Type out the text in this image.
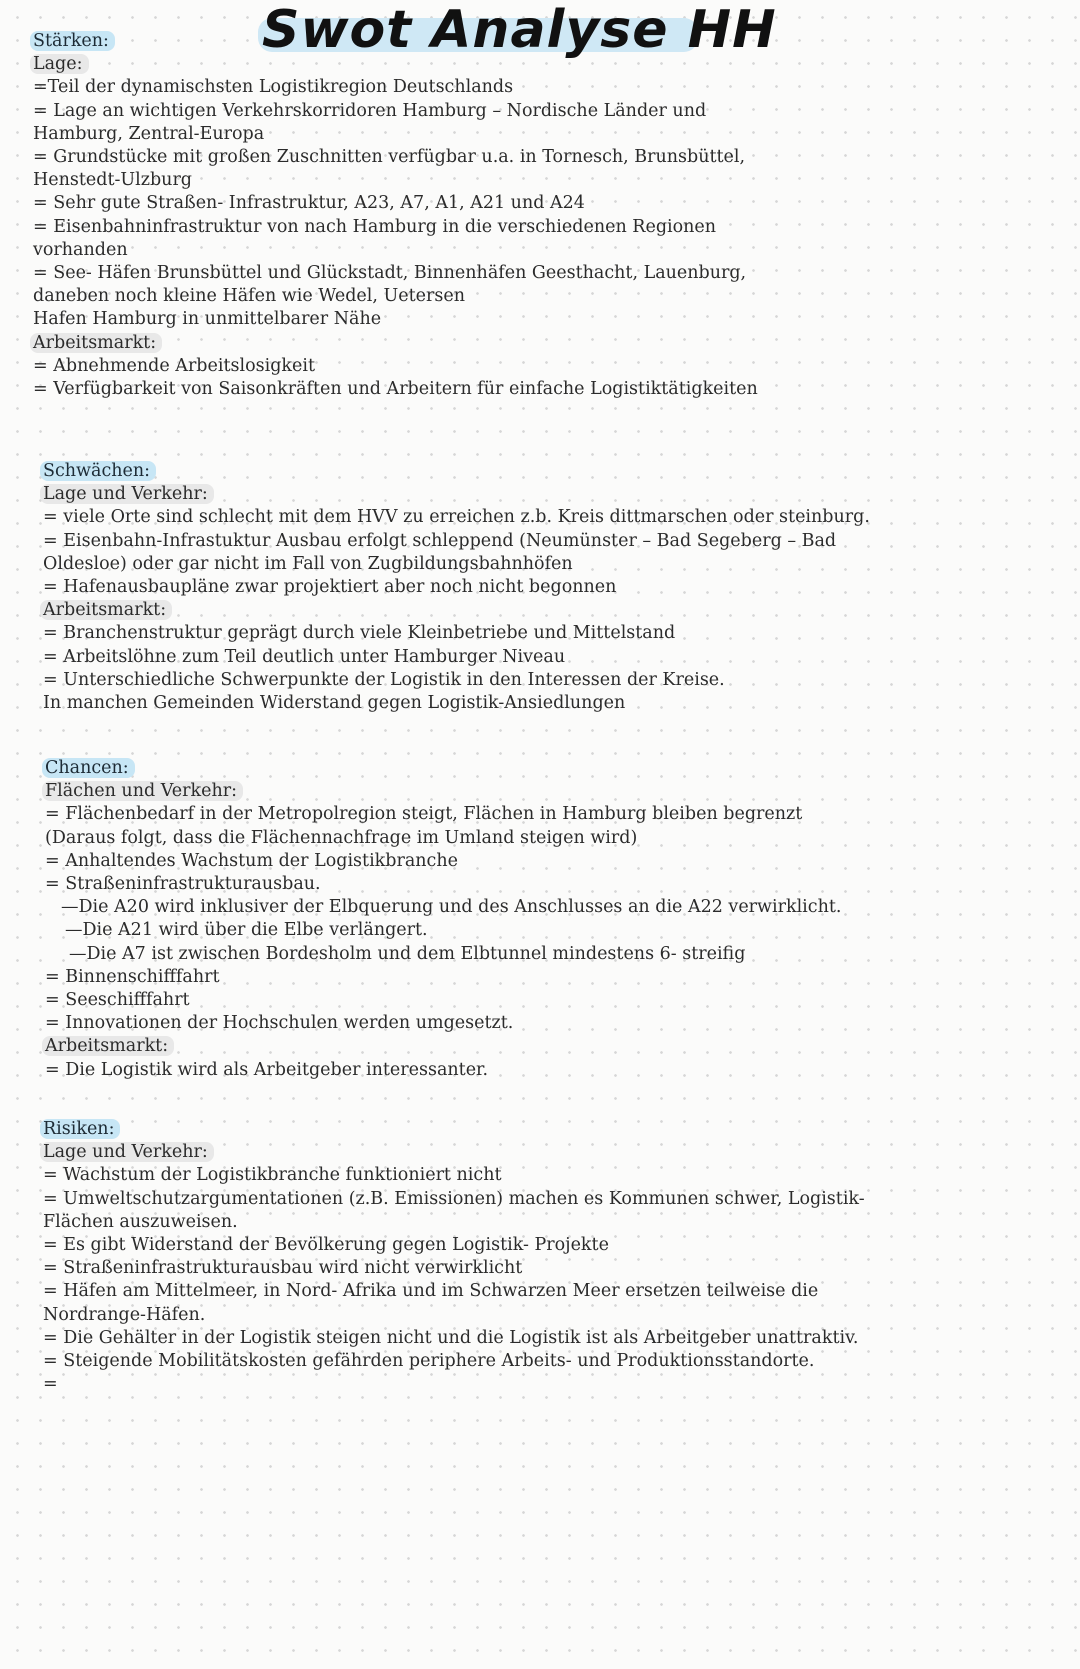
Swot Analyse HH
Stärken:
Lage:
=Teil der dynamischsten Logistikregion Deutschlands
= Lage an wichtigen Verkehrskorridoren Hamburg – Nordische Länder und
Hamburg, Zentral-Europa
= Grundstücke mit großen Zuschnitten verfügbar u.a. in Tornesch, Brunsbüttel,
Henstedt-Ulzburg
= Sehr gute Straßen- Infrastruktur, A23, A7, A1, A21 und A24
= Eisenbahninfrastruktur von nach Hamburg in die verschiedenen Regionen
vorhanden
= See- Häfen Brunsbüttel und Glückstadt, Binnenhäfen Geesthacht, Lauenburg,
daneben noch kleine Häfen wie Wedel, Uetersen
Hafen Hamburg in unmittelbarer Nähe
Arbeitsmarkt:
= Abnehmende Arbeitslosigkeit
= Verfügbarkeit von Saisonkräften und Arbeitern für einfache Logistiktätigkeiten
Schwächen:
Lage und Verkehr:
= viele Orte sind schlecht mit dem HVV zu erreichen z.b. Kreis dittmarschen oder steinburg.
= Eisenbahn-Infrastuktur Ausbau erfolgt schleppend (Neumünster – Bad Segeberg – Bad
Oldesloe) oder gar nicht im Fall von Zugbildungsbahnhöfen
= Hafenausbaupläne zwar projektiert aber noch nicht begonnen
Arbeitsmarkt:
= Branchenstruktur geprägt durch viele Kleinbetriebe und Mittelstand
= Arbeitslöhne zum Teil deutlich unter Hamburger Niveau
= Unterschiedliche Schwerpunkte der Logistik in den Interessen der Kreise.
In manchen Gemeinden Widerstand gegen Logistik-Ansiedlungen
Chancen:
Flächen und Verkehr:
= Flächenbedarf in der Metropolregion steigt, Flächen in Hamburg bleiben begrenzt
(Daraus folgt, dass die Flächennachfrage im Umland steigen wird)
= Anhaltendes Wachstum der Logistikbranche
= Straßeninfrastrukturausbau.
—Die A20 wird inklusiver der Elbquerung und des Anschlusses an die A22 verwirklicht.
—Die A21 wird über die Elbe verlängert.
—Die A7 ist zwischen Bordesholm und dem Elbtunnel mindestens 6- streifig
= Binnenschifffahrt
= Seeschifffahrt
= Innovationen der Hochschulen werden umgesetzt.
Arbeitsmarkt:
= Die Logistik wird als Arbeitgeber interessanter.
Risiken:
Lage und Verkehr:
= Wachstum der Logistikbranche funktioniert nicht
= Umweltschutzargumentationen (z.B. Emissionen) machen es Kommunen schwer, Logistik-
Flächen auszuweisen.
= Es gibt Widerstand der Bevölkerung gegen Logistik- Projekte
= Straßeninfrastrukturausbau wird nicht verwirklicht
= Häfen am Mittelmeer, in Nord- Afrika und im Schwarzen Meer ersetzen teilweise die
Nordrange-Häfen.
= Die Gehälter in der Logistik steigen nicht und die Logistik ist als Arbeitgeber unattraktiv.
= Steigende Mobilitätskosten gefährden periphere Arbeits- und Produktionsstandorte.
=
